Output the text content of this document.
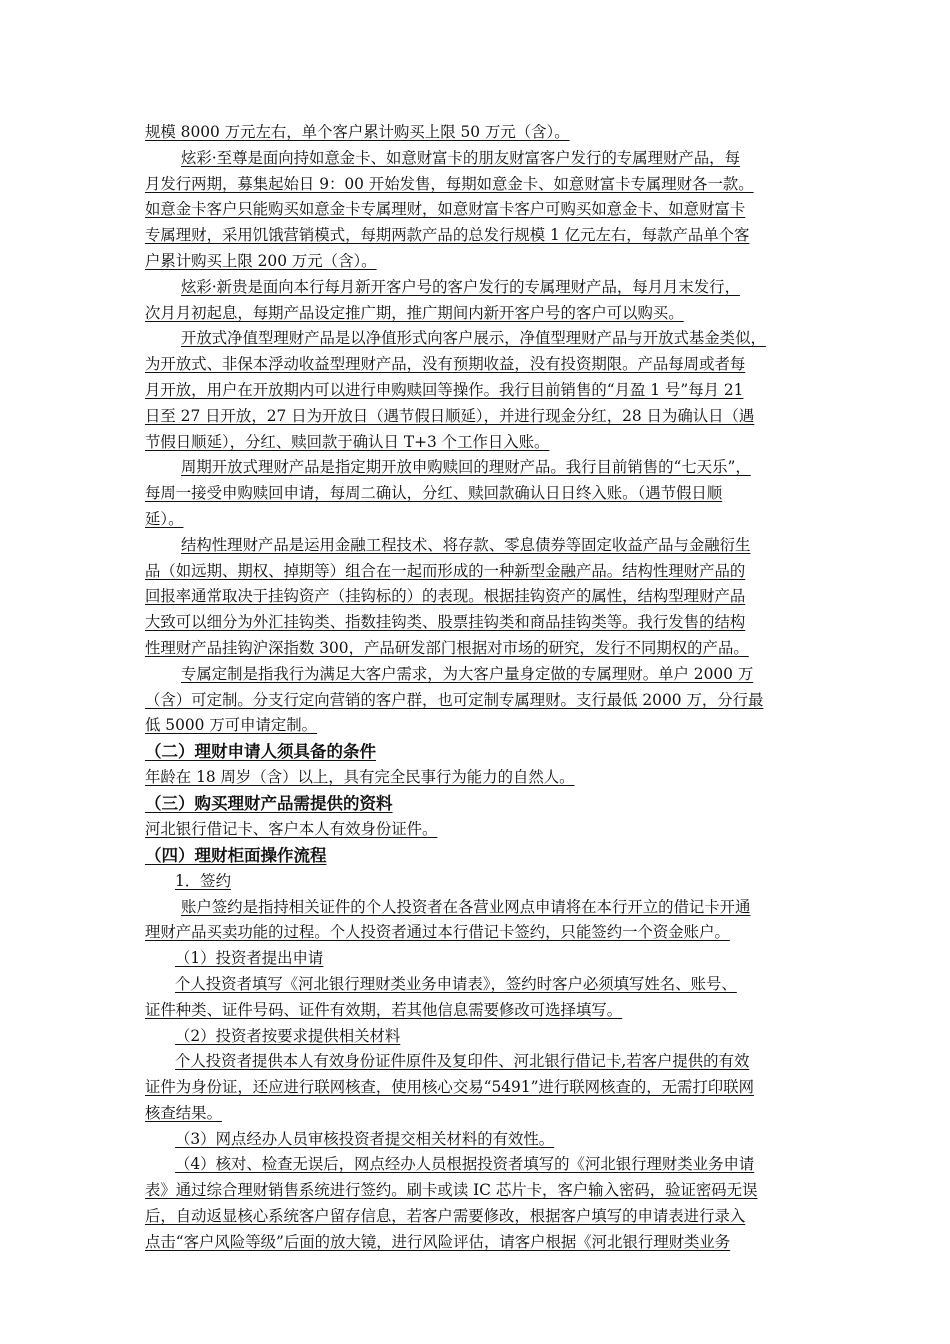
规模 8000 万元左右，单个客户累计购买上限 50 万元（含）。
炫彩·至尊是面向持如意金卡、如意财富卡的朋友财富客户发行的专属理财产品，每
月发行两期，募集起始日 9：00 开始发售，每期如意金卡、如意财富卡专属理财各一款。
如意金卡客户只能购买如意金卡专属理财，如意财富卡客户可购买如意金卡、如意财富卡
专属理财，采用饥饿营销模式，每期两款产品的总发行规模 1 亿元左右，每款产品单个客
户累计购买上限 200 万元（含）。
炫彩·新贵是面向本行每月新开客户号的客户发行的专属理财产品，每月月末发行，
次月月初起息，每期产品设定推广期，推广期间内新开客户号的客户可以购买。
开放式净值型理财产品是以净值形式向客户展示，净值型理财产品与开放式基金类似，
为开放式、非保本浮动收益型理财产品，没有预期收益，没有投资期限。产品每周或者每
月开放，用户在开放期内可以进行申购赎回等操作。我行目前销售的“月盈 1 号”每月 21
日至 27 日开放，27 日为开放日（遇节假日顺延），并进行现金分红，28 日为确认日（遇
节假日顺延），分红、赎回款于确认日 T+3 个工作日入账。
周期开放式理财产品是指定期开放申购赎回的理财产品。我行目前销售的“七天乐”，
每周一接受申购赎回申请，每周二确认，分红、赎回款确认日日终入账。（遇节假日顺
延）。
结构性理财产品是运用金融工程技术、将存款、零息债券等固定收益产品与金融衍生
品（如远期、期权、掉期等）组合在一起而形成的一种新型金融产品。结构性理财产品的
回报率通常取决于挂钩资产（挂钩标的）的表现。根据挂钩资产的属性，结构型理财产品
大致可以细分为外汇挂钩类、指数挂钩类、股票挂钩类和商品挂钩类等。我行发售的结构
性理财产品挂钩沪深指数 300，产品研发部门根据对市场的研究，发行不同期权的产品。
专属定制是指我行为满足大客户需求，为大客户量身定做的专属理财。单户 2000 万
（含）可定制。分支行定向营销的客户群，也可定制专属理财。支行最低 2000 万，分行最
低 5000 万可申请定制。
（二）理财申请人须具备的条件
年龄在 18 周岁（含）以上，具有完全民事行为能力的自然人。
（三）购买理财产品需提供的资料
河北银行借记卡、客户本人有效身份证件。
（四）理财柜面操作流程
1．签约
账户签约是指持相关证件的个人投资者在各营业网点申请将在本行开立的借记卡开通
理财产品买卖功能的过程。个人投资者通过本行借记卡签约，只能签约一个资金账户。
（1）投资者提出申请
个人投资者填写《河北银行理财类业务申请表》，签约时客户必须填写姓名、账号、
证件种类、证件号码、证件有效期，若其他信息需要修改可选择填写。
（2）投资者按要求提供相关材料
个人投资者提供本人有效身份证件原件及复印件、河北银行借记卡,若客户提供的有效
证件为身份证，还应进行联网核查，使用核心交易“5491”进行联网核查的，无需打印联网
核查结果。
（3）网点经办人员审核投资者提交相关材料的有效性。
（4）核对、检查无误后，网点经办人员根据投资者填写的《河北银行理财类业务申请
表》通过综合理财销售系统进行签约。刷卡或读 IC 芯片卡，客户输入密码，验证密码无误
后，自动返显核心系统客户留存信息，若客户需要修改，根据客户填写的申请表进行录入
点击“客户风险等级”后面的放大镜，进行风险评估，请客户根据《河北银行理财类业务
